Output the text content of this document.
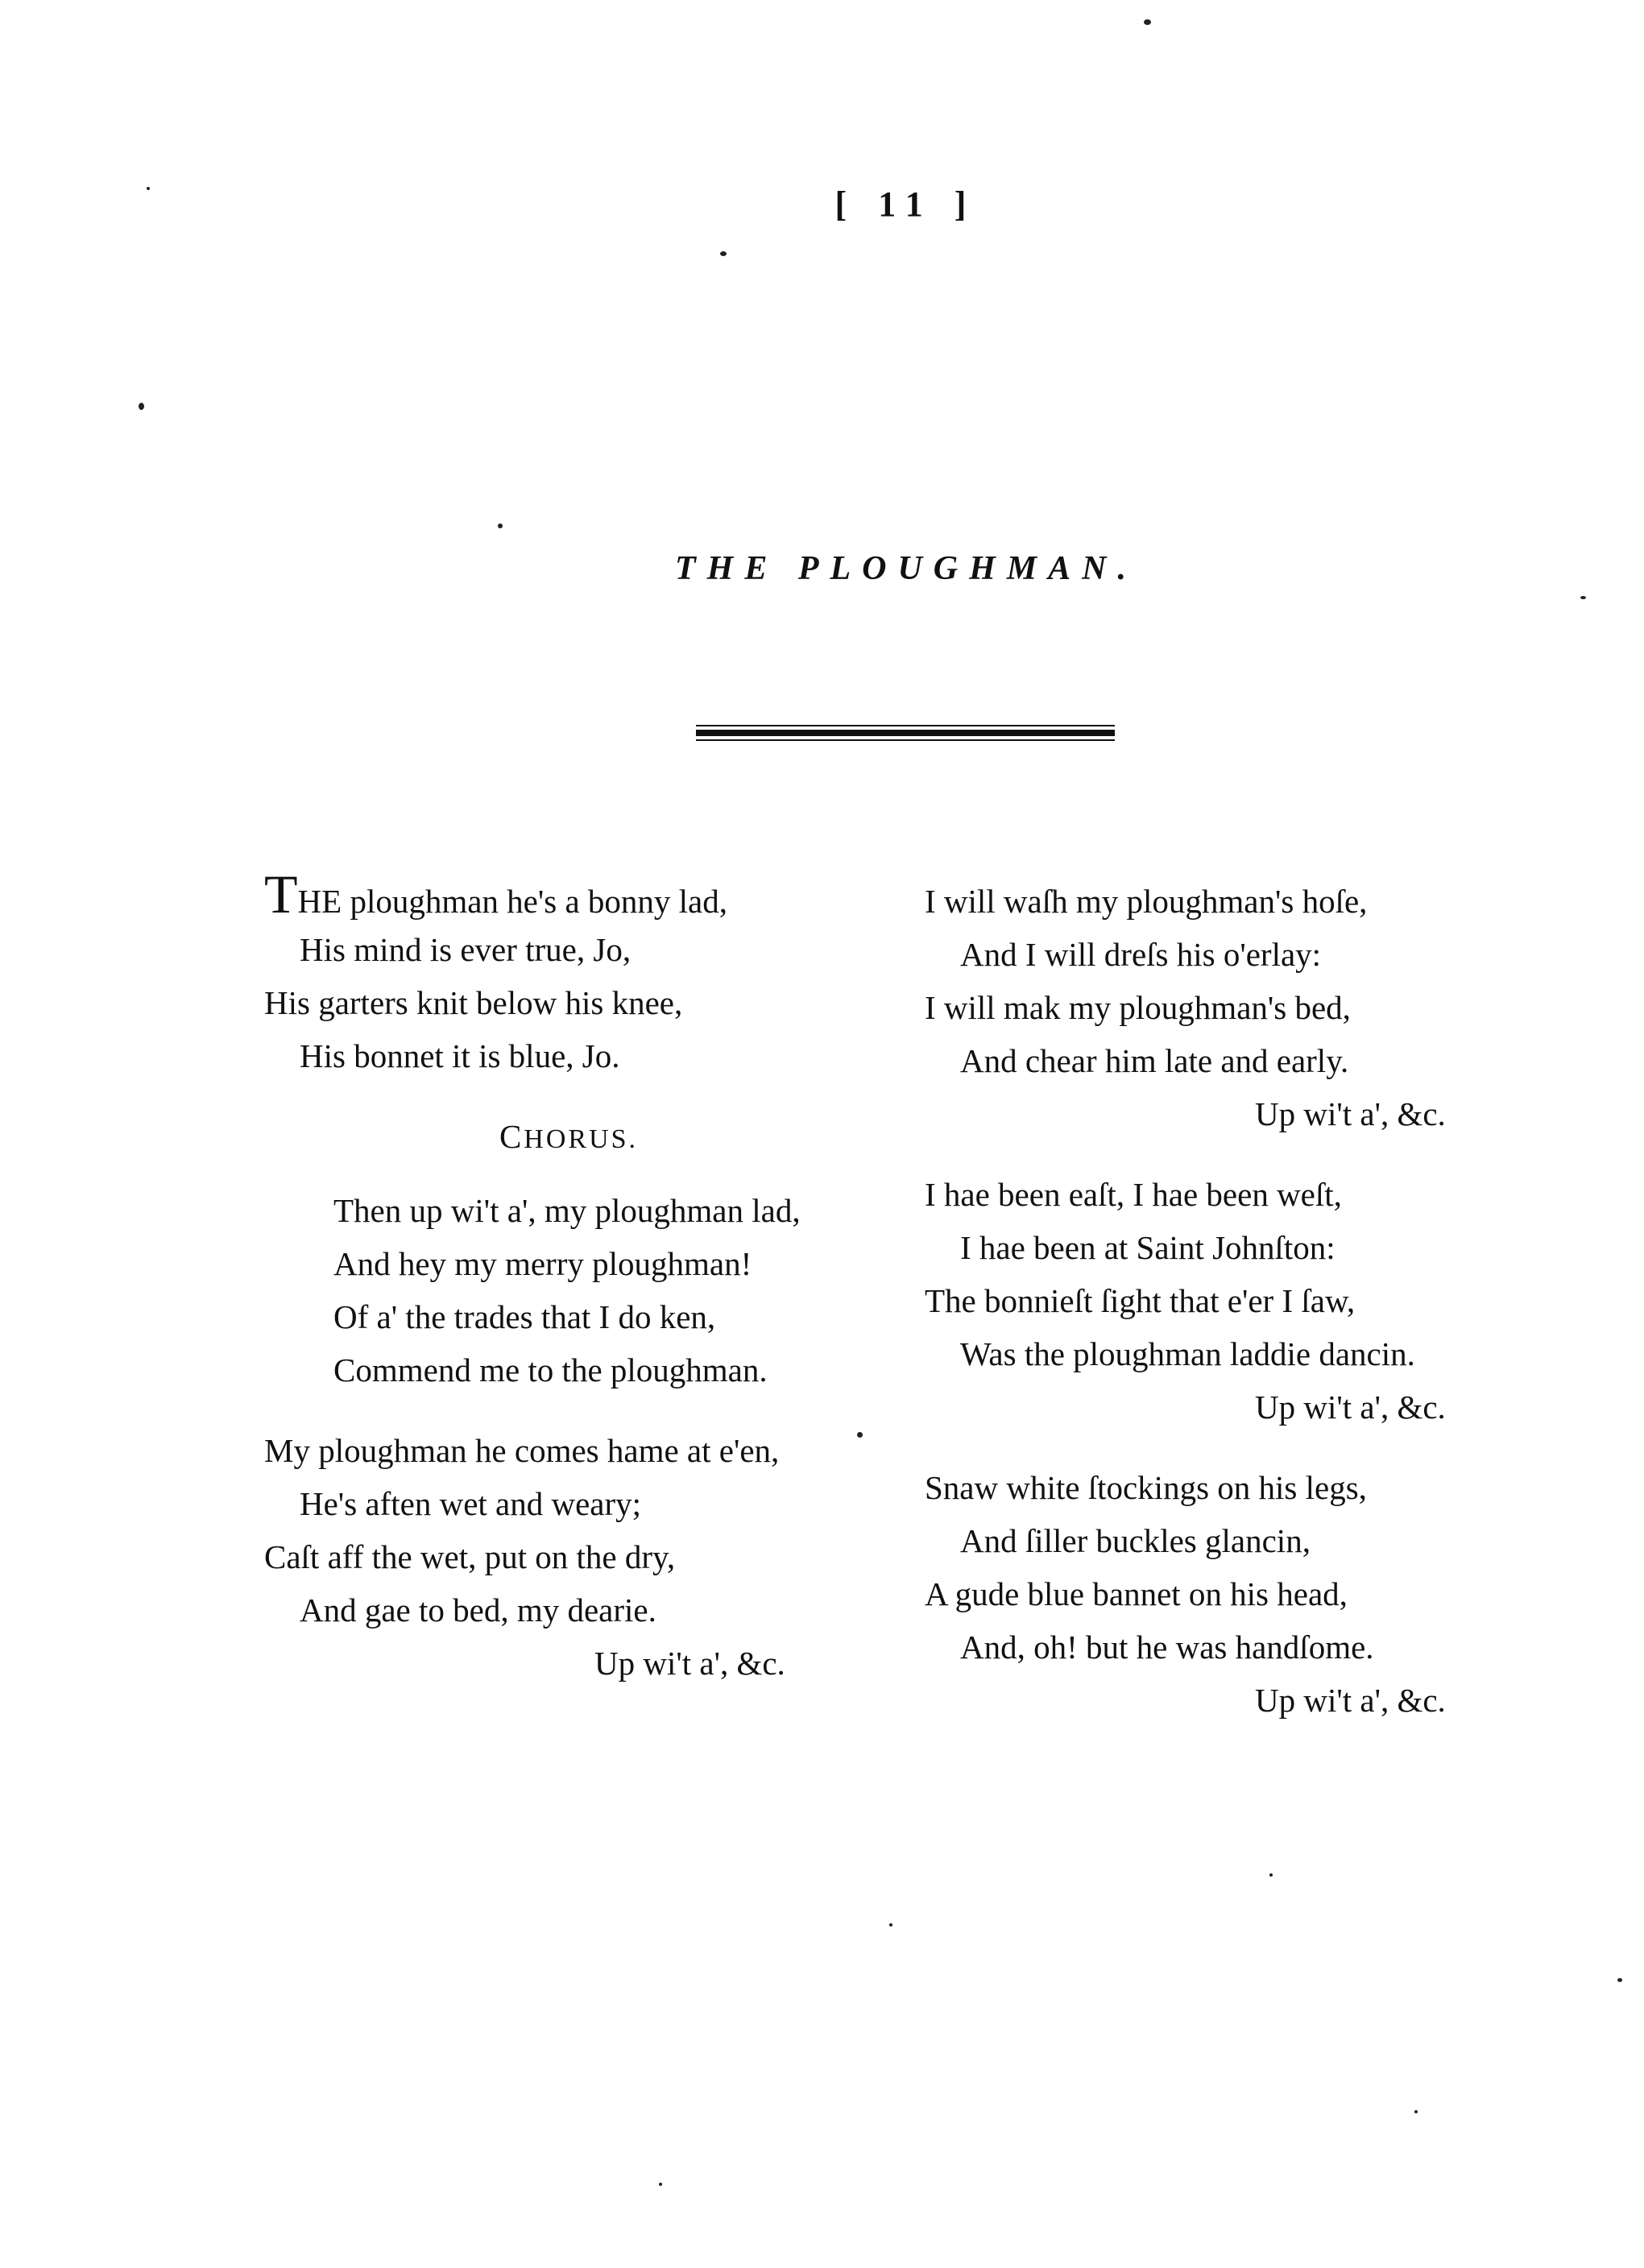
[ 11 ]
THE PLOUGHMAN.
THE ploughman he's a bonny lad,
His mind is ever true, Jo,
His garters knit below his knee,
His bonnet it is blue, Jo.
CHORUS.
Then up wi't a', my ploughman lad,
And hey my merry ploughman!
Of a' the trades that I do ken,
Commend me to the ploughman.
My ploughman he comes hame at e'en,
He's aften wet and weary;
Caſt aff the wet, put on the dry,
And gae to bed, my dearie.
Up wi't a', &c.
I will waſh my ploughman's hoſe,
And I will dreſs his o'erlay:
I will mak my ploughman's bed,
And chear him late and early.
Up wi't a', &c.
I hae been eaſt, I hae been weſt,
I hae been at Saint Johnſton:
The bonnieſt ſight that e'er I ſaw,
Was the ploughman laddie dancin.
Up wi't a', &c.
Snaw white ſtockings on his legs,
And ſiller buckles glancin,
A gude blue bannet on his head,
And, oh! but he was handſome.
Up wi't a', &c.
